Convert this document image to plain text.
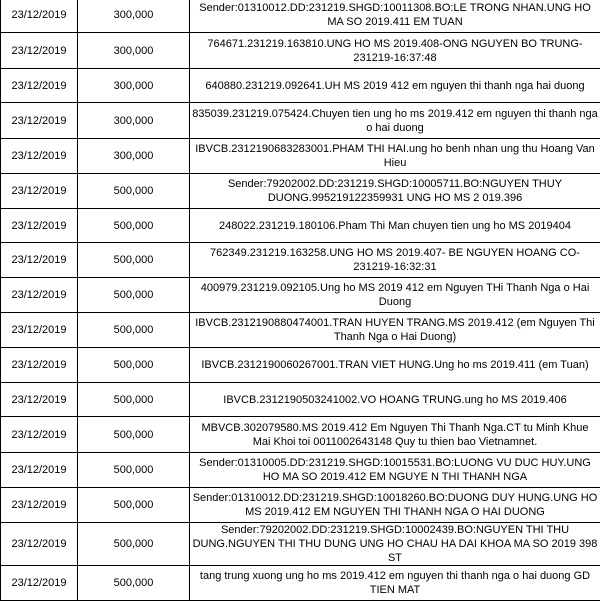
23/12/2019	300,000	Sender:01310012.DD:231219.SHGD:10011308.BO:LE TRONG NHAN.UNG HO MA SO 2019.411 EM TUAN
23/12/2019	300,000	764671.231219.163810.UNG HO MS 2019.408-ONG NGUYEN BO TRUNG-231219-16:37:48
23/12/2019	300,000	640880.231219.092641.UH MS 2019 412 em nguyen thi thanh nga hai duong
23/12/2019	300,000	835039.231219.075424.Chuyen tien ung ho ms 2019.412 em nguyen thi thanh nga o hai duong
23/12/2019	300,000	IBVCB.2312190683283001.PHAM THI HAI.ung ho benh nhan ung thu Hoang Van Hieu
23/12/2019	500,000	Sender:79202002.DD:231219.SHGD:10005711.BO:NGUYEN THUY DUONG.995219122359931 UNG HO MS 2 019.396
23/12/2019	500,000	248022.231219.180106.Pham Thi Man chuyen tien ung ho MS 2019404
23/12/2019	500,000	762349.231219.163258.UNG HO MS 2019.407- BE NGUYEN HOANG CO-231219-16:32:31
23/12/2019	500,000	400979.231219.092105.Ung ho MS 2019 412 em Nguyen THi Thanh Nga o Hai Duong
23/12/2019	500,000	IBVCB.2312190880474001.TRAN HUYEN TRANG.MS 2019.412 (em Nguyen Thi Thanh Nga o Hai Duong)
23/12/2019	500,000	IBVCB.2312190060267001.TRAN VIET HUNG.Ung ho ms 2019.411 (em Tuan)
23/12/2019	500,000	IBVCB.2312190503241002.VO HOANG TRUNG.ung ho MS 2019.406
23/12/2019	500,000	MBVCB.302079580.MS 2019.412 Em Nguyen Thi Thanh Nga.CT tu Minh Khue Mai Khoi toi 0011002643148 Quy tu thien bao Vietnamnet.
23/12/2019	500,000	Sender:01310005.DD:231219.SHGD:10015531.BO:LUONG VU DUC HUY.UNG HO MA SO 2019.412 EM NGUYE N THI THANH NGA
23/12/2019	500,000	Sender:01310012.DD:231219.SHGD:10018260.BO:DUONG DUY HUNG.UNG HO MS 2019.412 EM NGUYEN THI THANH NGA O HAI DUONG
23/12/2019	500,000	Sender:79202002.DD:231219.SHGD:10002439.BO:NGUYEN THI THU DUNG.NGUYEN THI THU DUNG UNG HO CHAU HA DAI KHOA MA SO 2019 398 ST
23/12/2019	500,000	tang trung xuong ung ho ms 2019.412 em nguyen thi thanh nga o hai duong GD TIEN MAT
